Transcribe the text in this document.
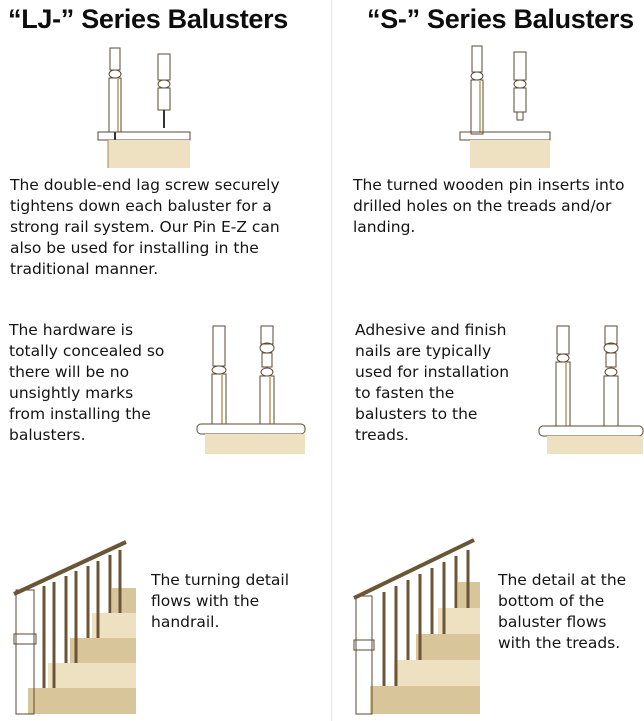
“LJ-” Series Balusters	“S-” Series Balusters
The double-end lag screw securely tightens down each baluster for a strong rail system. Our Pin E-Z can also be used for installing in the traditional manner.
The turned wooden pin inserts into drilled holes on the treads and/or landing.
The hardware is totally concealed so there will be no unsightly marks from installing the balusters.
Adhesive and finish nails are typically used for installation to fasten the balusters to the treads.
The turning detail flows with the handrail.
The detail at the bottom of the baluster flows with the treads.
